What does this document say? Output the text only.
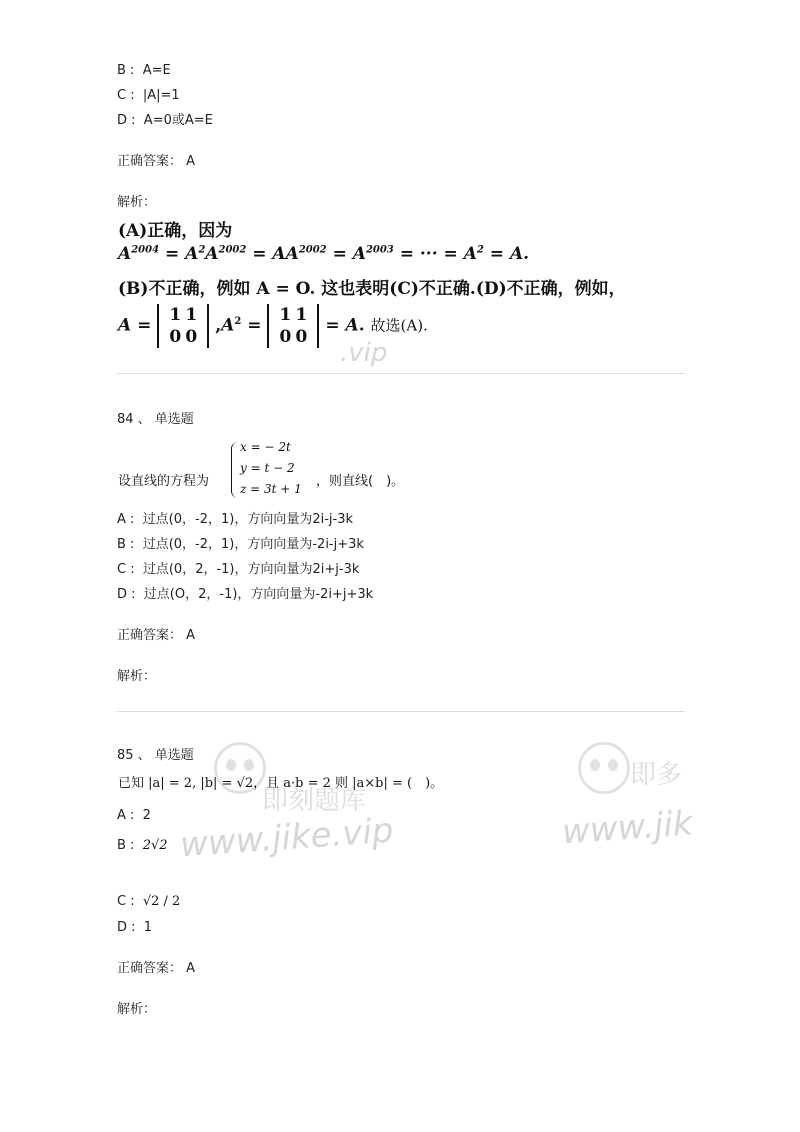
B : A=E
C : |A|=1
D : A=0或A=E
正确答案： A
解析：
(A)正确，因为
$A^{2004} = A^2A^{2002} = AA^{2002} = A^{2003}$ = ··· = $A^2 = A$.
(B)不正确，例如 A = O. 这也表明(C)不正确.(D)不正确，例如，
A = 1 1
0 0 $,A^2 = 1$ 1
0 0 = A. 故选(A).
.vip
84 、 单选题
设直线的方程为
x = − 2t
y = t − 2
z = 3t + 1 ，则直线(　)。
A : 过点(0，-2，1)，方向向量为2i-j-3k
B : 过点(0，-2，1)，方向向量为-2i-j+3k
C : 过点(0，2，-1)，方向向量为2i+j-3k
D : 过点(O，2，-1)，方向向量为-2i+j+3k
正确答案： A
解析：
即刻题库
即多
www.jike.vip	www.jik
85 、 单选题
已知 |a| = 2, |b| = √2，且 a·b = 2 则 |a×b| = (　)。
A : 2
B : 2√2
C : √2 / 2
D : 1
正确答案： A
解析：
